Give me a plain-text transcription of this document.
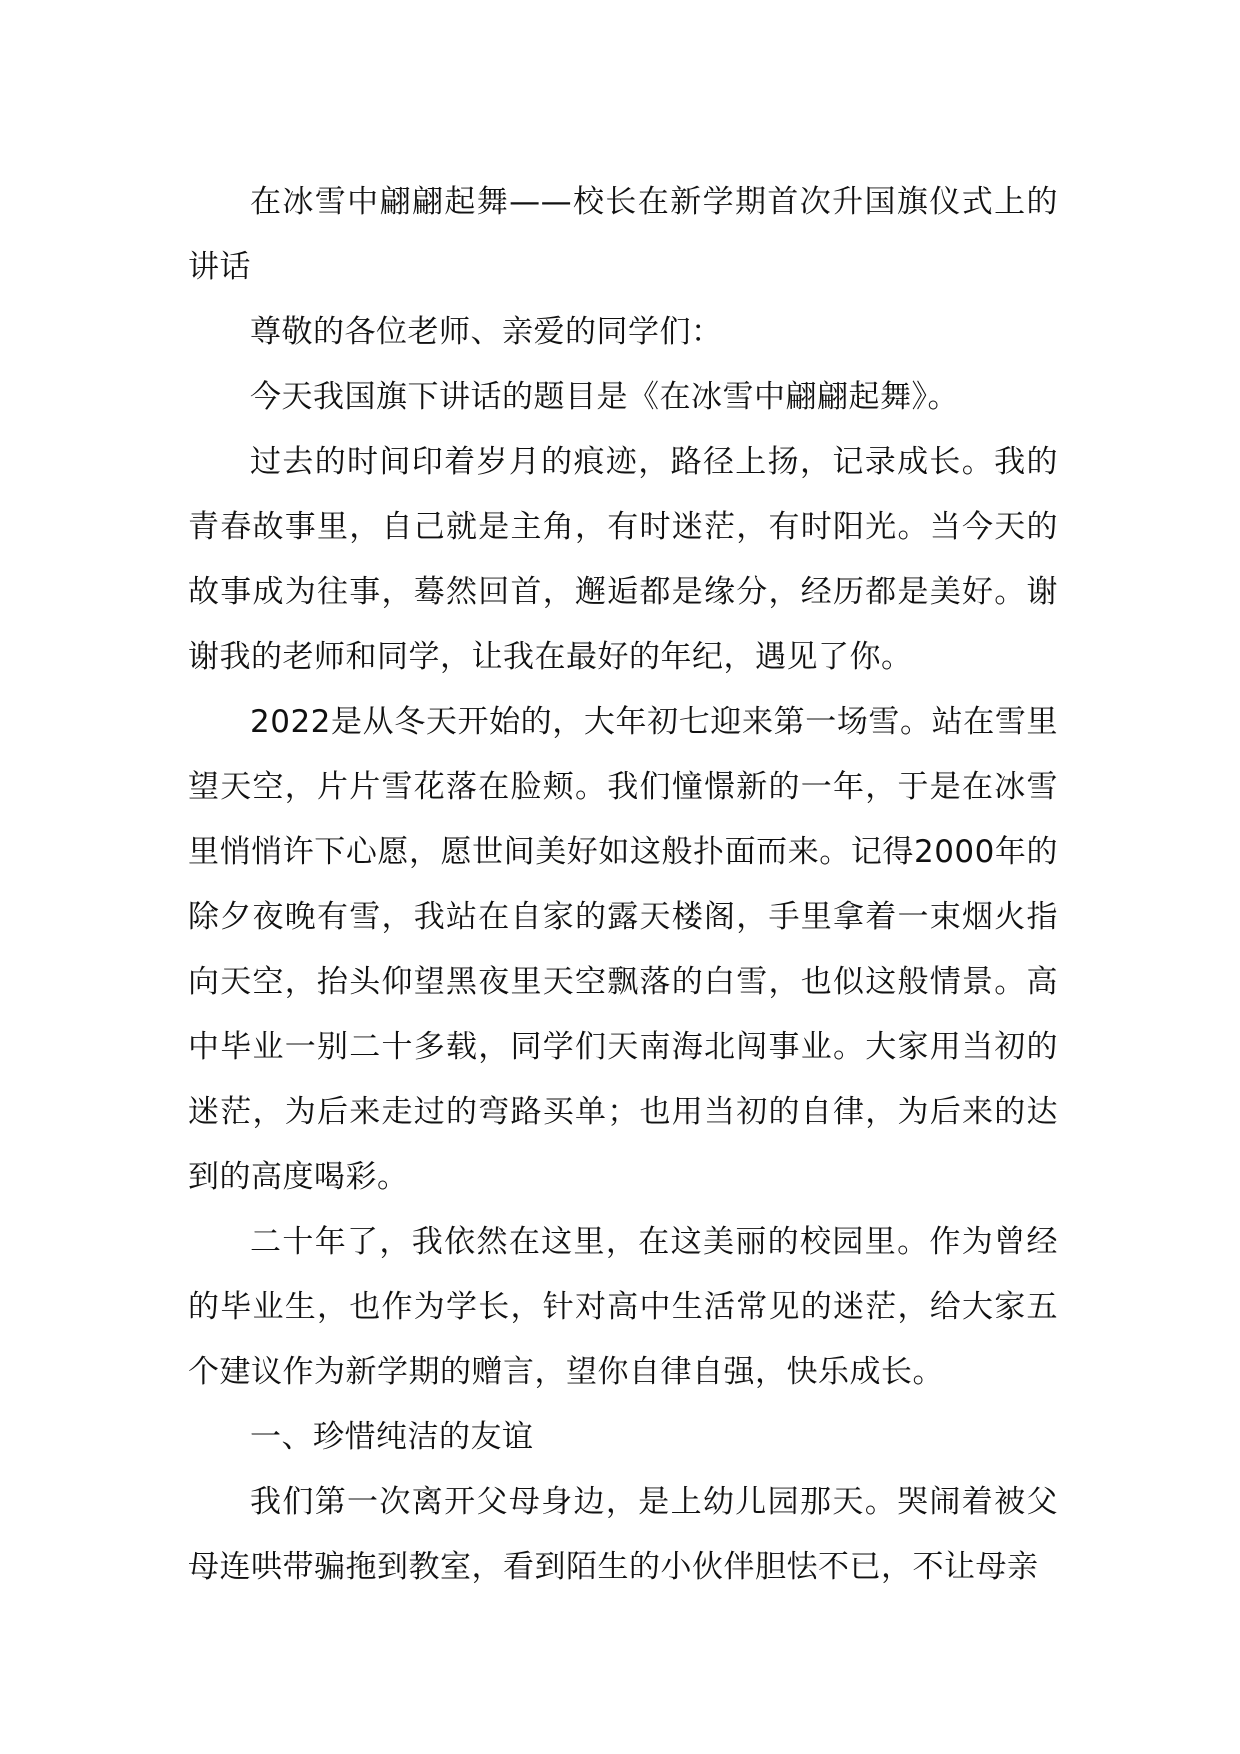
在冰雪中翩翩起舞——校长在新学期首次升国旗仪式上的讲话

尊敬的各位老师、亲爱的同学们：

今天我国旗下讲话的题目是《在冰雪中翩翩起舞》。

过去的时间印着岁月的痕迹，路径上扬，记录成长。我的青春故事里，自己就是主角，有时迷茫，有时阳光。当今天的故事成为往事，蓦然回首，邂逅都是缘分，经历都是美好。谢谢我的老师和同学，让我在最好的年纪，遇见了你。

2022是从冬天开始的，大年初七迎来第一场雪。站在雪里望天空，片片雪花落在脸颊。我们憧憬新的一年，于是在冰雪里悄悄许下心愿，愿世间美好如这般扑面而来。记得2000年的除夕夜晚有雪，我站在自家的露天楼阁，手里拿着一束烟火指向天空，抬头仰望黑夜里天空飘落的白雪，也似这般情景。高中毕业一别二十多载，同学们天南海北闯事业。大家用当初的迷茫，为后来走过的弯路买单；也用当初的自律，为后来的达到的高度喝彩。

二十年了，我依然在这里，在这美丽的校园里。作为曾经的毕业生，也作为学长，针对高中生活常见的迷茫，给大家五个建议作为新学期的赠言，望你自律自强，快乐成长。

一、珍惜纯洁的友谊

我们第一次离开父母身边，是上幼儿园那天。哭闹着被父母连哄带骗拖到教室，看到陌生的小伙伴胆怯不已，不让母亲
